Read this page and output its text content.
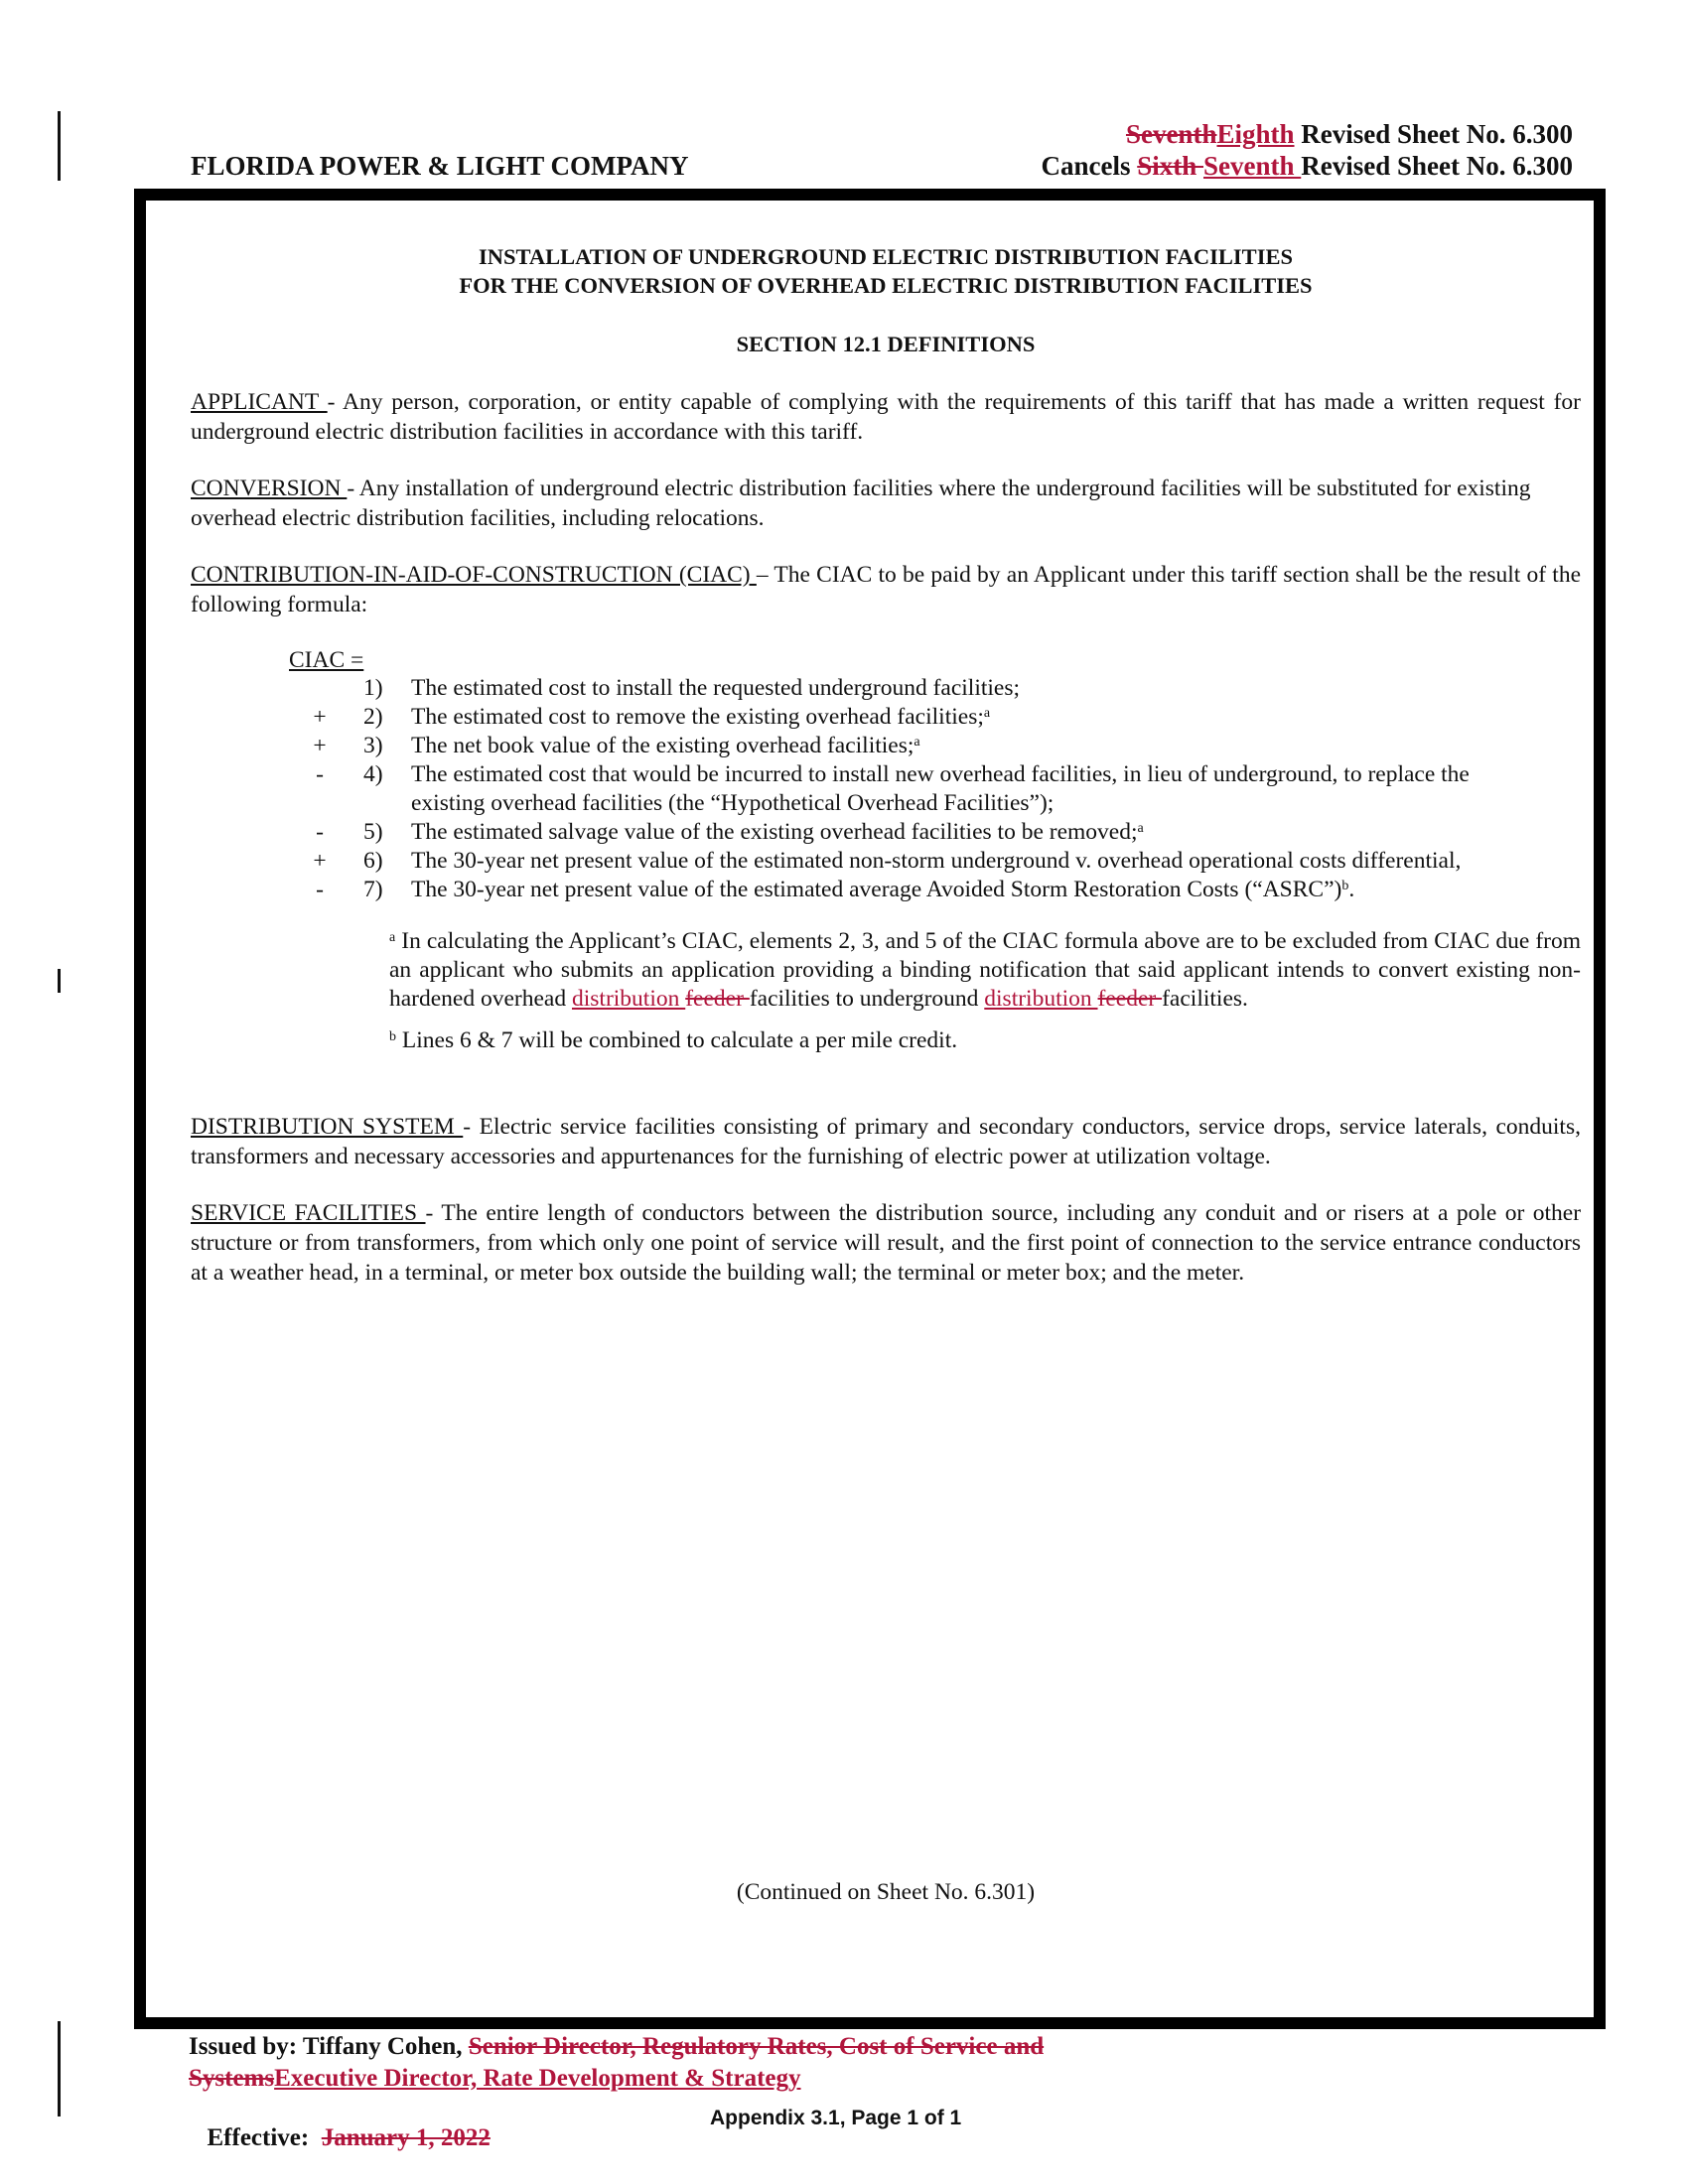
FLORIDA POWER & LIGHT COMPANY
SeventhEighth Revised Sheet No. 6.300
Cancels Sixth Seventh Revised Sheet No. 6.300
INSTALLATION OF UNDERGROUND ELECTRIC DISTRIBUTION FACILITIES
FOR THE CONVERSION OF OVERHEAD ELECTRIC DISTRIBUTION FACILITIES
SECTION 12.1 DEFINITIONS
APPLICANT - Any person, corporation, or entity capable of complying with the requirements of this tariff that has made a written request for underground electric distribution facilities in accordance with this tariff.
CONVERSION - Any installation of underground electric distribution facilities where the underground facilities will be substituted for existing overhead electric distribution facilities, including relocations.
CONTRIBUTION-IN-AID-OF-CONSTRUCTION (CIAC) – The CIAC to be paid by an Applicant under this tariff section shall be the result of the following formula:
CIAC =
1) The estimated cost to install the requested underground facilities;
+ 2) The estimated cost to remove the existing overhead facilities;$^a$
+ 3) The net book value of the existing overhead facilities;$^a$
- 4) The estimated cost that would be incurred to install new overhead facilities, in lieu of underground, to replace the
existing overhead facilities (the “Hypothetical Overhead Facilities”);
- 5) The estimated salvage value of the existing overhead facilities to be removed;$^a$
+ 6) The 30-year net present value of the estimated non-storm underground v. overhead operational costs differential,
- 7) The 30-year net present value of the estimated average Avoided Storm Restoration Costs (“ASRC”)$^b$.
$^a$ In calculating the Applicant’s CIAC, elements 2, 3, and 5 of the CIAC formula above are to be excluded from CIAC due from an applicant who submits an application providing a binding notification that said applicant intends to convert existing non-hardened overhead distribution feeder facilities to underground distribution feeder facilities.
$^b$ Lines 6 & 7 will be combined to calculate a per mile credit.
DISTRIBUTION SYSTEM - Electric service facilities consisting of primary and secondary conductors, service drops, service laterals, conduits, transformers and necessary accessories and appurtenances for the furnishing of electric power at utilization voltage.
SERVICE FACILITIES - The entire length of conductors between the distribution source, including any conduit and or risers at a pole or other structure or from transformers, from which only one point of service will result, and the first point of connection to the service entrance conductors at a weather head, in a terminal, or meter box outside the building wall; the terminal or meter box; and the meter.
(Continued on Sheet No. 6.301)
Issued by: Tiffany Cohen, Senior Director, Regulatory Rates, Cost of Service and
SystemsExecutive Director, Rate Development & Strategy

Effective:  January 1, 2022

Appendix 3.1, Page 1 of 1
